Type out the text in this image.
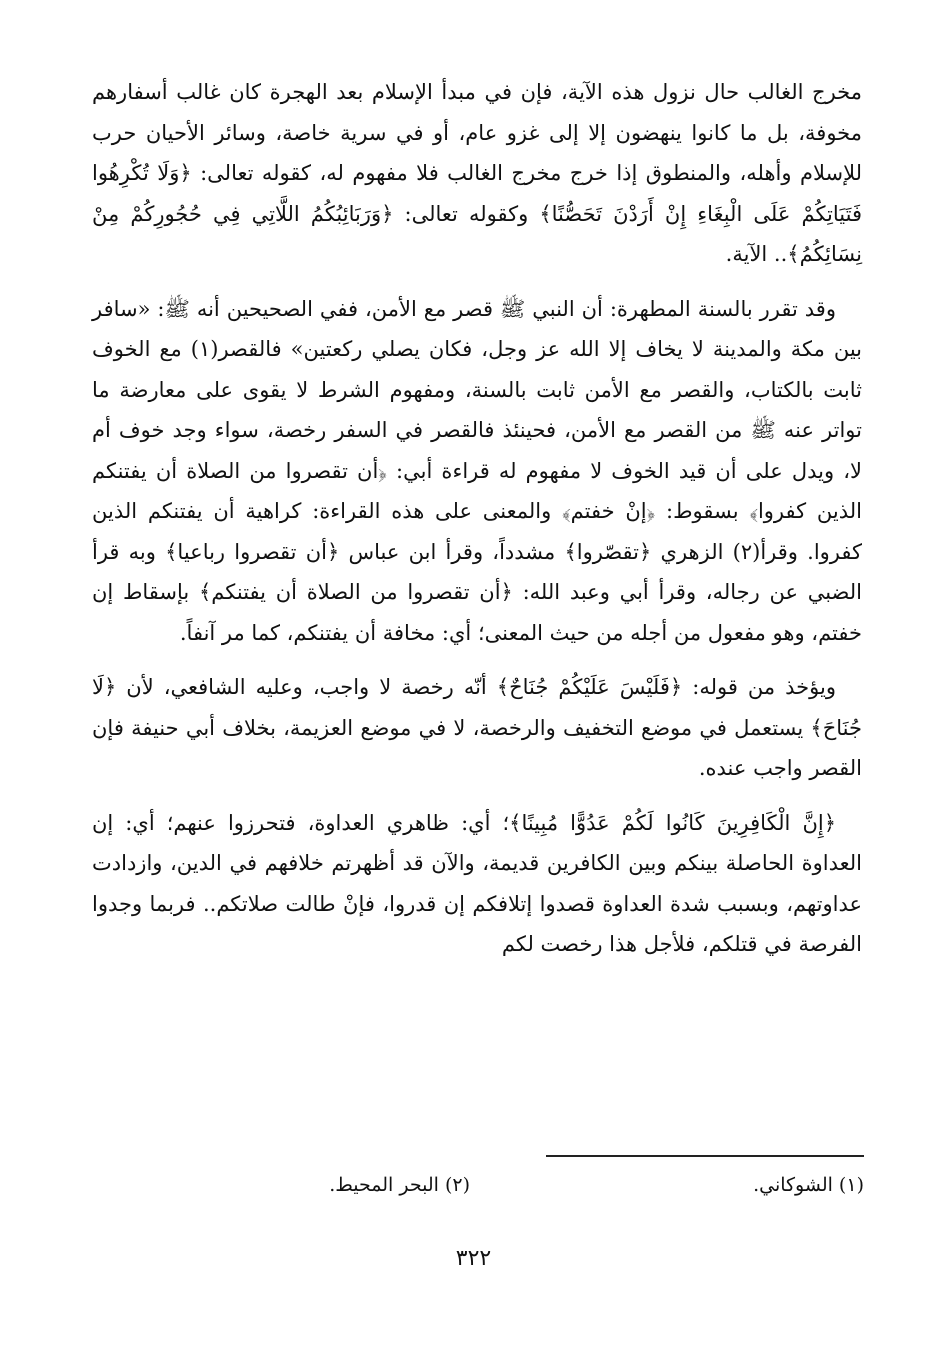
مخرج الغالب حال نزول هذه الآية، فإن في مبدأ الإسلام بعد الهجرة كان غالب أسفارهم مخوفة، بل ما كانوا ينهضون إلا إلى غزو عام، أو في سرية خاصة، وسائر الأحيان حرب للإسلام وأهله، والمنطوق إذا خرج مخرج الغالب فلا مفهوم له، كقوله تعالى: ﴿وَلَا تُكْرِهُوا فَتَيَاتِكُمْ عَلَى الْبِغَاءِ إِنْ أَرَدْنَ تَحَصُّنًا﴾ وكقوله تعالى: ﴿وَرَبَائِبُكُمُ اللَّاتِي فِي حُجُورِكُمْ مِنْ نِسَائِكُمُ﴾.. الآية.

وقد تقرر بالسنة المطهرة: أن النبي ﷺ قصر مع الأمن، ففي الصحيحين أنه ﷺ: «سافر بين مكة والمدينة لا يخاف إلا الله عز وجل، فكان يصلي ركعتين» فالقصر(١) مع الخوف ثابت بالكتاب، والقصر مع الأمن ثابت بالسنة، ومفهوم الشرط لا يقوى على معارضة ما تواتر عنه ﷺ من القصر مع الأمن، فحينئذ فالقصر في السفر رخصة، سواء وجد خوف أم لا، ويدل على أن قيد الخوف لا مفهوم له قراءة أبي: ﴿أن تقصروا من الصلاة أن يفتنكم الذين كفروا﴾ بسقوط: ﴿إنْ خفتم﴾ والمعنى على هذه القراءة: كراهية أن يفتنكم الذين كفروا. وقرأ(٢) الزهري ﴿تقصّروا﴾ مشدداً، وقرأ ابن عباس ﴿أن تقصروا رباعيا﴾ وبه قرأ الضبي عن رجاله، وقرأ أبي وعبد الله: ﴿أن تقصروا من الصلاة أن يفتنكم﴾ بإسقاط إن خفتم، وهو مفعول من أجله من حيث المعنى؛ أي: مخافة أن يفتنكم، كما مر آنفاً.

ويؤخذ من قوله: ﴿فَلَيْسَ عَلَيْكُمْ جُنَاحٌ﴾ أنّه رخصة لا واجب، وعليه الشافعي، لأن ﴿لَا جُنَاحَ﴾ يستعمل في موضع التخفيف والرخصة، لا في موضع العزيمة، بخلاف أبي حنيفة فإن القصر واجب عنده.

﴿إِنَّ الْكَافِرِينَ كَانُوا لَكُمْ عَدُوًّا مُبِينًا﴾؛ أي: ظاهري العداوة، فتحرزوا عنهم؛ أي: إن العداوة الحاصلة بينكم وبين الكافرين قديمة، والآن قد أظهرتم خلافهم في الدين، وازدادت عداوتهم، وبسبب شدة العداوة قصدوا إتلافكم إن قدروا، فإنْ طالت صلاتكم.. فربما وجدوا الفرصة في قتلكم، فلأجل هذا رخصت لكم

(١) الشوكاني.
(٢) البحر المحيط.
٣٢٢
